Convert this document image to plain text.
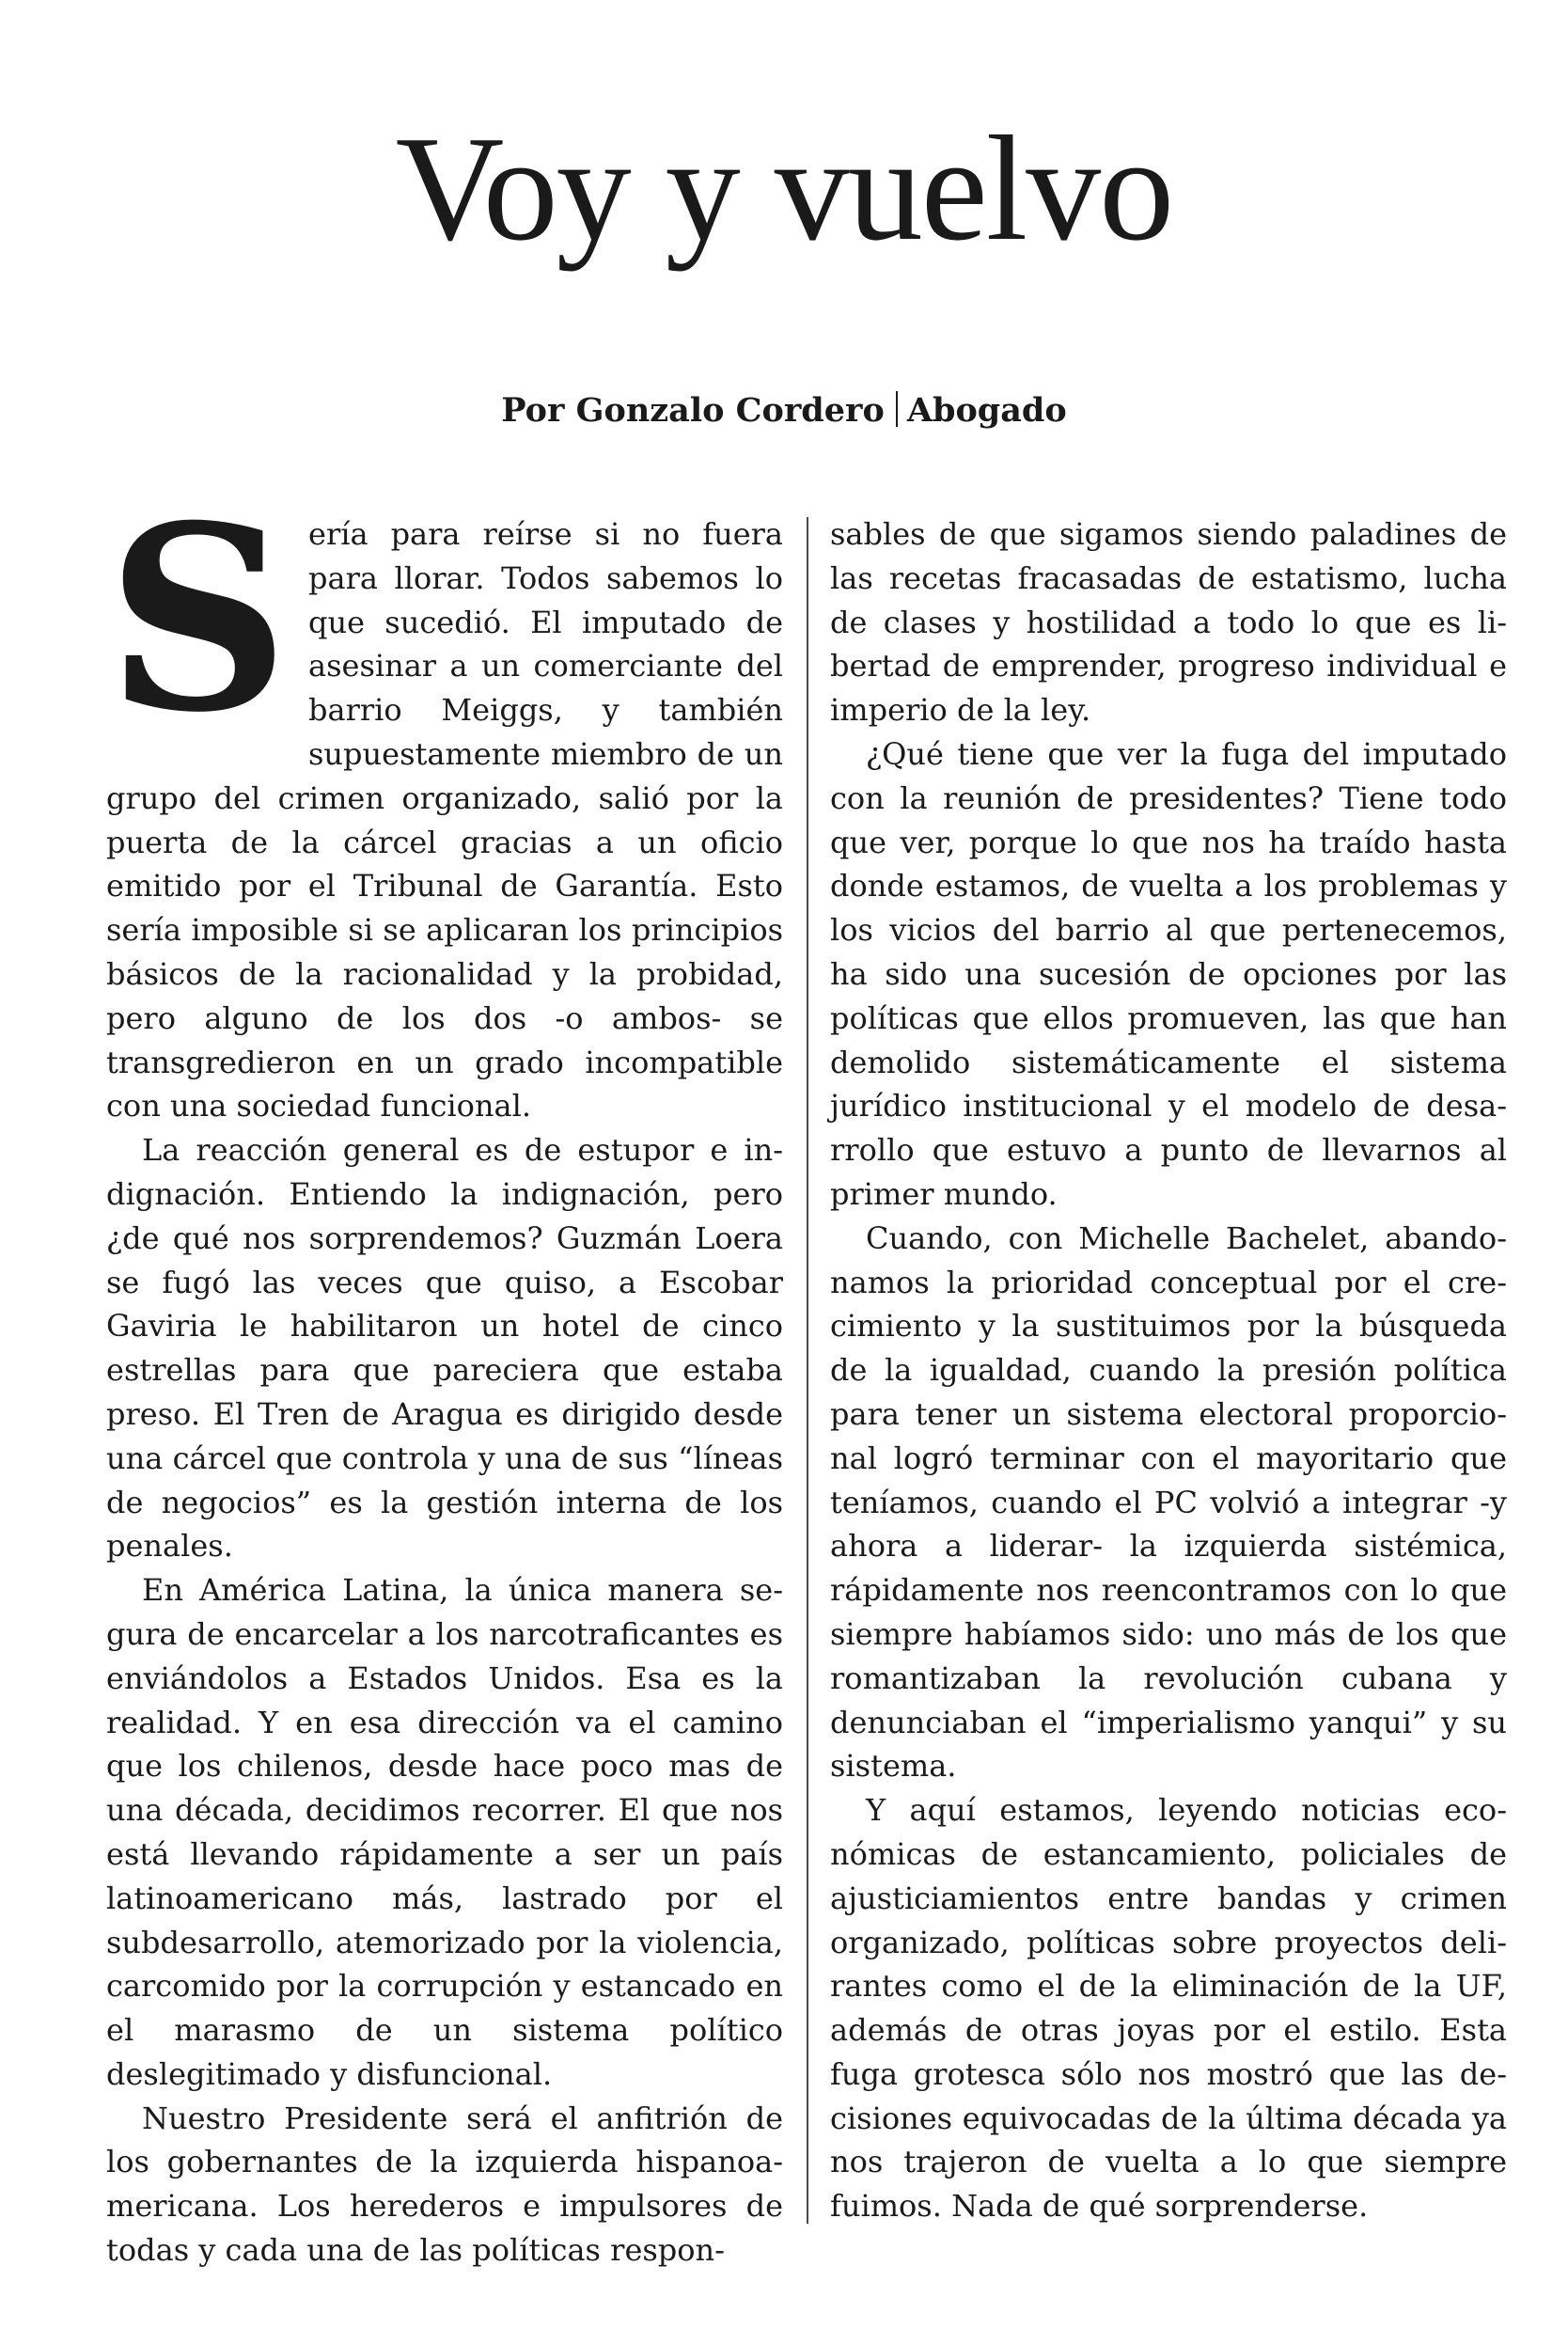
Voy y vuelvo
Por Gonzalo Cordero Abogado

Sería para reírse si no fuera para llorar. Todos sabemos lo que sucedió. El imputado de asesinar a un comerciante del barrio Meiggs, y también supuestamente miembro de un grupo del crimen organizado, salió por la puerta de la cárcel gracias a un oficio emitido por el Tribunal de Garantía. Esto sería imposible si se aplicaran los principios básicos de la racionalidad y la probidad, pero alguno de los dos -o ambos- se transgredieron en un grado incompatible con una sociedad funcional.

La reacción general es de estupor e indignación. Entiendo la indignación, pero ¿de qué nos sorprendemos? Guzmán Loera se fugó las veces que quiso, a Escobar Gaviria le habilitaron un hotel de cinco estrellas para que pareciera que estaba preso. El Tren de Aragua es dirigido desde una cárcel que controla y una de sus “líneas de negocios” es la gestión interna de los penales.

En América Latina, la única manera segura de encarcelar a los narcotraficantes es enviándolos a Estados Unidos. Esa es la realidad. Y en esa dirección va el camino que los chilenos, desde hace poco mas de una década, decidimos recorrer. El que nos está llevando rápidamente a ser un país latinoamericano más, lastrado por el subdesarrollo, atemorizado por la violencia, carcomido por la corrupción y estancado en el marasmo de un sistema político deslegitimado y disfuncional.

Nuestro Presidente será el anfitrión de los gobernantes de la izquierda hispanoamericana. Los herederos e impulsores de todas y cada una de las políticas respon-

sables de que sigamos siendo paladines de las recetas fracasadas de estatismo, lucha de clases y hostilidad a todo lo que es libertad de emprender, progreso individual e imperio de la ley.

¿Qué tiene que ver la fuga del imputado con la reunión de presidentes? Tiene todo que ver, porque lo que nos ha traído hasta donde estamos, de vuelta a los problemas y los vicios del barrio al que pertenecemos, ha sido una sucesión de opciones por las políticas que ellos promueven, las que han demolido sistemáticamente el sistema jurídico institucional y el modelo de desarrollo que estuvo a punto de llevarnos al primer mundo.

Cuando, con Michelle Bachelet, abandonamos la prioridad conceptual por el crecimiento y la sustituimos por la búsqueda de la igualdad, cuando la presión política para tener un sistema electoral proporcional logró terminar con el mayoritario que teníamos, cuando el PC volvió a integrar -y ahora a liderar- la izquierda sistémica, rápidamente nos reencontramos con lo que siempre habíamos sido: uno más de los que romantizaban la revolución cubana y denunciaban el “imperialismo yanqui” y su sistema.

Y aquí estamos, leyendo noticias económicas de estancamiento, policiales de ajusticiamientos entre bandas y crimen organizado, políticas sobre proyectos delirantes como el de la eliminación de la UF, además de otras joyas por el estilo. Esta fuga grotesca sólo nos mostró que las decisiones equivocadas de la última década ya nos trajeron de vuelta a lo que siempre fuimos. Nada de qué sorprenderse.
